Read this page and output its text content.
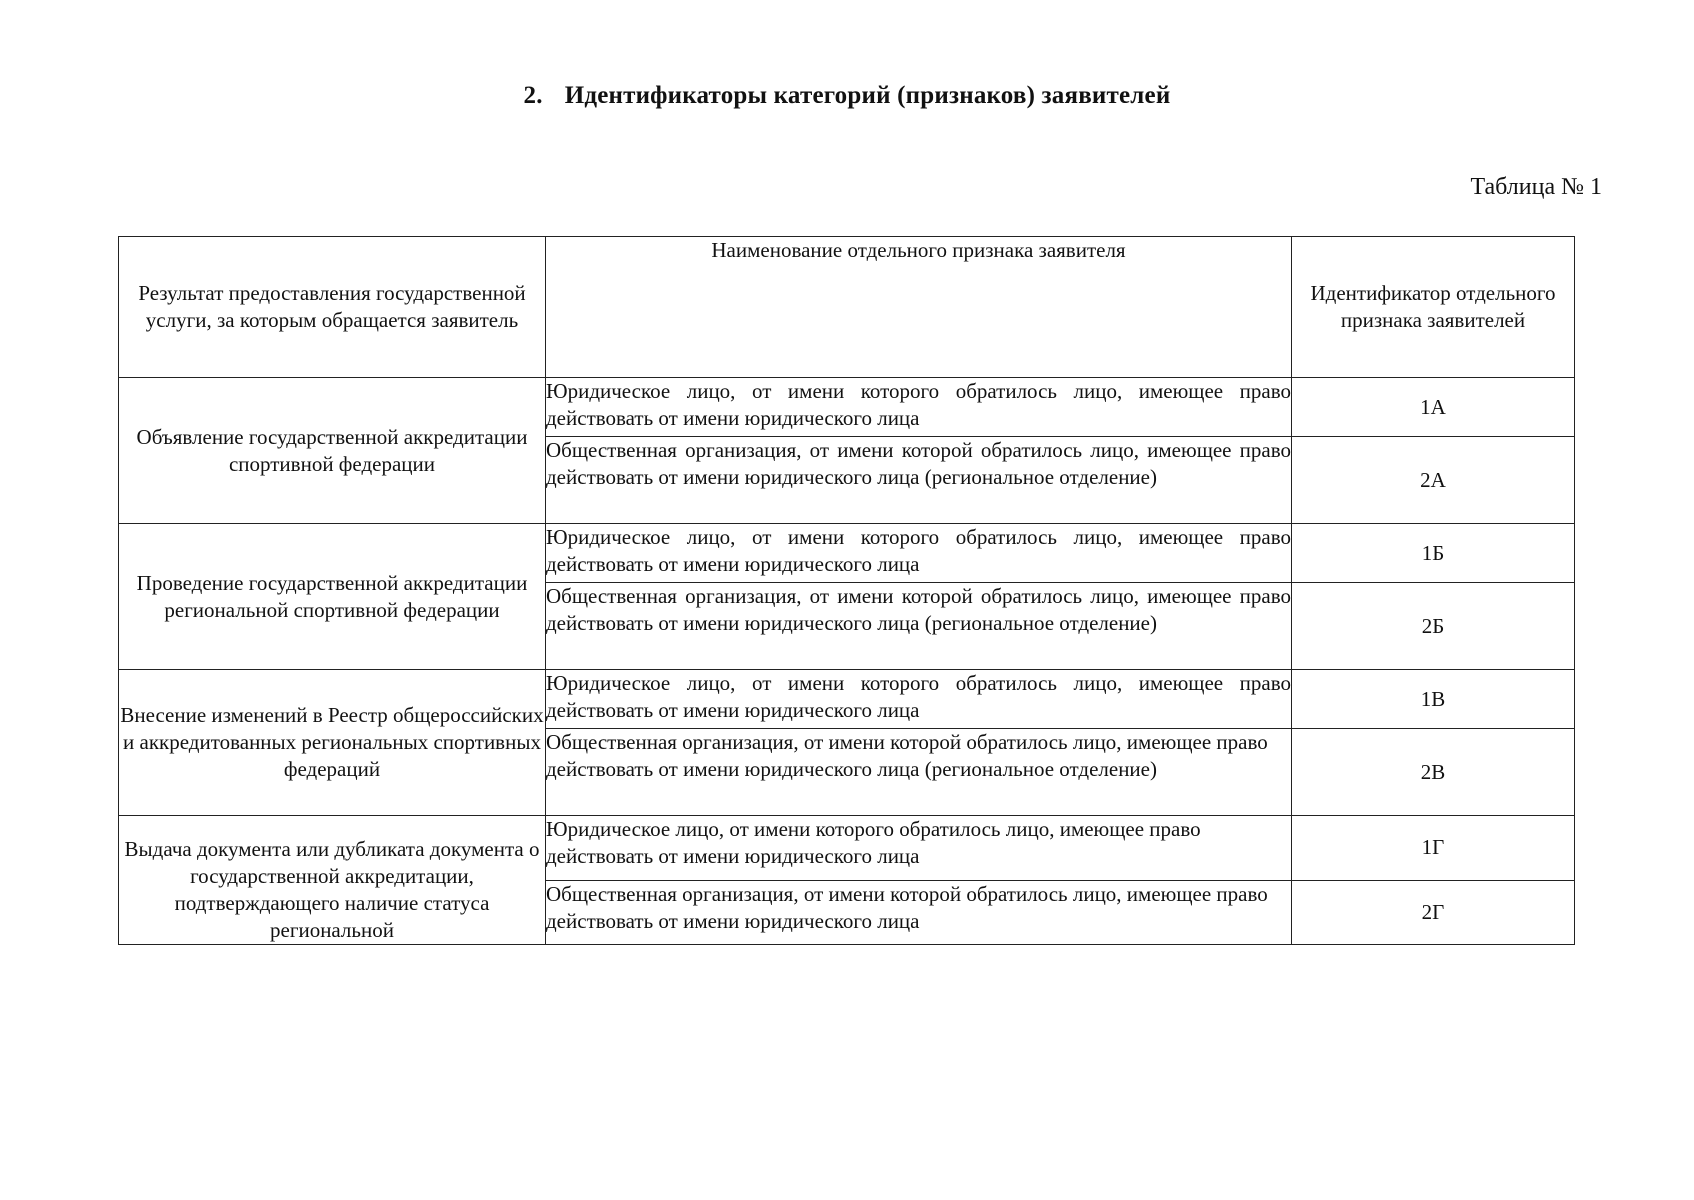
2. Идентификаторы категорий (признаков) заявителей
Таблица № 1
Результат предоставления государственной услуги, за которым обращается заявитель	Наименование отдельного признака заявителя	Идентификатор отдельного признака заявителей
Объявление государственной аккредитации спортивной федерации	Юридическое лицо, от имени которого обратилось лицо, имеющее право действовать от имени юридического лица	1А
	Общественная организация, от имени которой обратилось лицо, имеющее право действовать от имени юридического лица (региональное отделение)	2А
Проведение государственной аккредитации региональной спортивной федерации	Юридическое лицо, от имени которого обратилось лицо, имеющее право действовать от имени юридического лица	1Б
	Общественная организация, от имени которой обратилось лицо, имеющее право действовать от имени юридического лица (региональное отделение)	2Б
Внесение изменений в Реестр общероссийских и аккредитованных региональных спортивных федераций	Юридическое лицо, от имени которого обратилось лицо, имеющее право действовать от имени юридического лица	1В
	Общественная организация, от имени которой обратилось лицо, имеющее право действовать от имени юридического лица (региональное отделение)	2В
Выдача документа или дубликата документа о государственной аккредитации, подтверждающего наличие статуса региональной	Юридическое лицо, от имени которого обратилось лицо, имеющее право действовать от имени юридического лица	1Г
	Общественная организация, от имени которой обратилось лицо, имеющее право действовать от имени юридического лица	2Г
